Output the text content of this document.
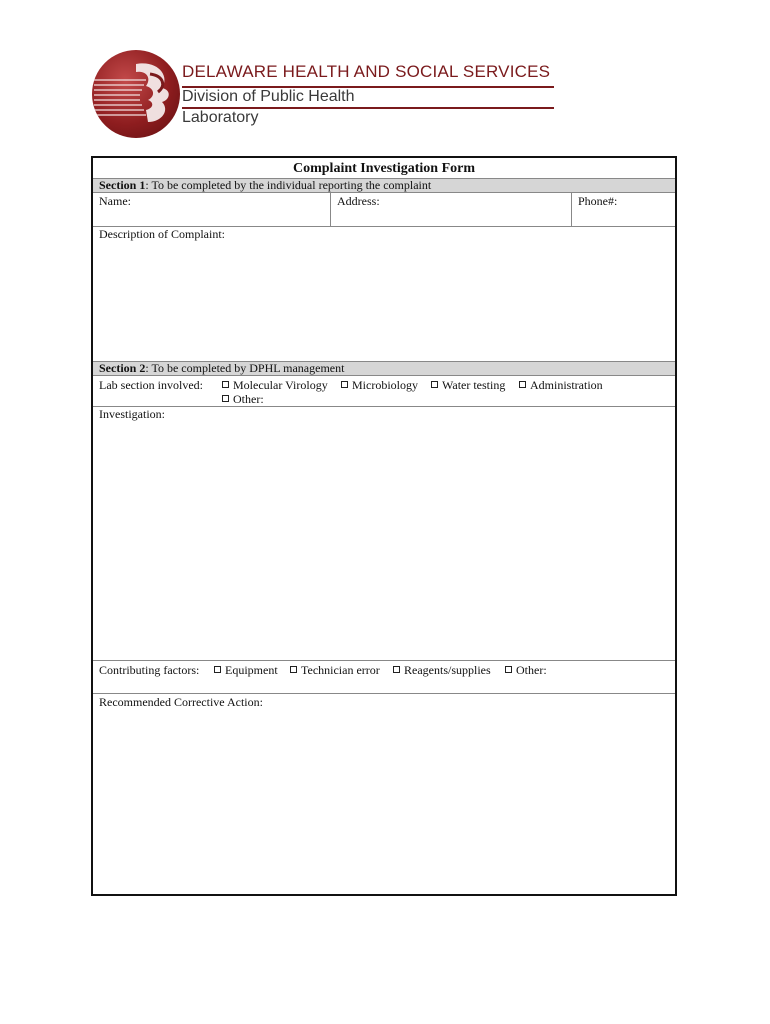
DELAWARE HEALTH AND SOCIAL SERVICES
Division of Public Health
Laboratory
Complaint Investigation Form
Section 1: To be completed by the individual reporting the complaint
Name:	Address:	Phone#:
Description of Complaint:
Section 2: To be completed by DPHL management
Lab section involved:	Molecular Virology	Microbiology	Water testing	Administration
Other:
Investigation:
Contributing factors:	Equipment	Technician error	Reagents/supplies	Other:
Recommended Corrective Action:
